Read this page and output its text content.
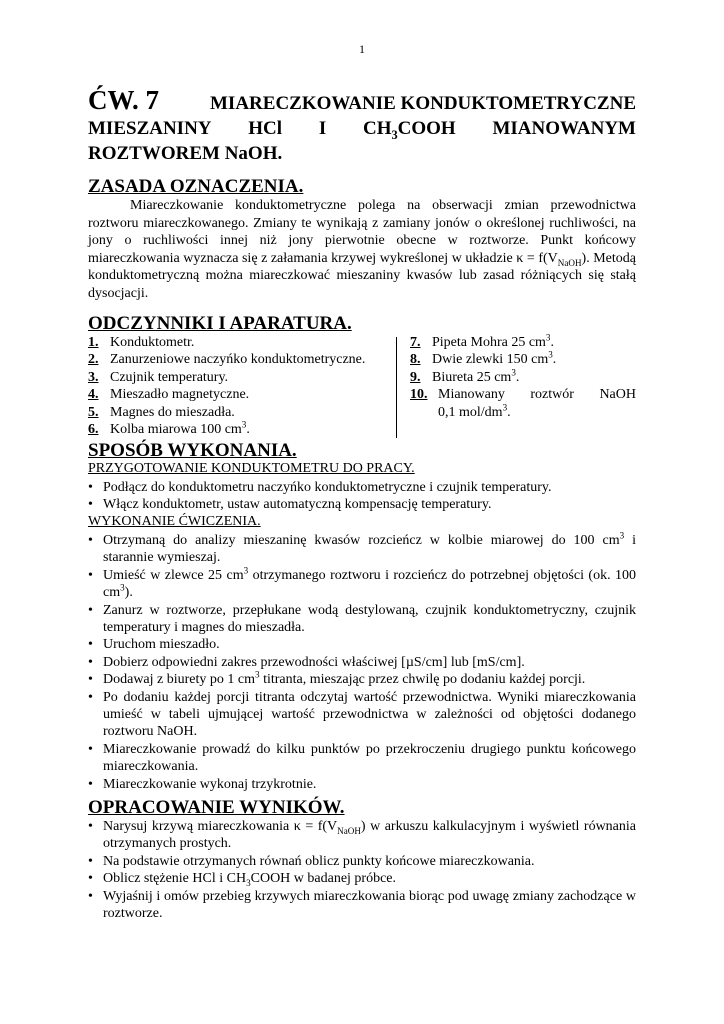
1
ĆW. 7	MIARECZKOWANIE KONDUKTOMETRYCZNE
MIESZANINY HCl I $CH_3COOH$ MIANOWANYM
ROZTWOREM NaOH.
ZASADA OZNACZENIA.

Miareczkowanie konduktometryczne polega na obserwacji zmian przewodnictwa roztworu miareczkowanego. Zmiany te wynikają z zamiany jonów o określonej ruchliwości, na jony o ruchliwości innej niż jony pierwotnie obecne w roztworze. Punkt końcowy miareczkowania wyznacza się z załamania krzywej wykreślonej w układzie $\kappa = f(V_{NaOH})$. Metodą konduktometryczną można miareczkować mieszaniny kwasów lub zasad różniących się stałą dysocjacji.

ODCZYNNIKI I APARATURA.
1. Konduktometr.
2. Zanurzeniowe naczyńko konduktometryczne.
3. Czujnik temperatury.
4. Mieszadło magnetyczne.
5. Magnes do mieszadła.
6. Kolba miarowa 100 $cm^3$.
7. Pipeta Mohra 25 $cm^3$.
8. Dwie zlewki 150 $cm^3$.
9. Biureta 25 $cm^3$.
10. Mianowany roztwór NaOH
0,1 mol/$dm^3$.
SPOSÓB WYKONANIA.
PRZYGOTOWANIE KONDUKTOMETRU DO PRACY.
• Podłącz do konduktometru naczyńko konduktometryczne i czujnik temperatury.
• Włącz konduktometr, ustaw automatyczną kompensację temperatury.
WYKONANIE ĆWICZENIA.
• Otrzymaną do analizy mieszaninę kwasów rozcieńcz w kolbie miarowej do 100 $cm^3$ i starannie wymieszaj.
• Umieść w zlewce 25 $cm^3$ otrzymanego roztworu i rozcieńcz do potrzebnej objętości (ok. 100 $cm^3$).
• Zanurz w roztworze, przepłukane wodą destylowaną, czujnik konduktometryczny, czujnik temperatury i magnes do mieszadła.
• Uruchom mieszadło.
• Dobierz odpowiedni zakres przewodności właściwej [µS/cm] lub [mS/cm].
• Dodawaj z biurety po 1 $cm^3$ titranta, mieszając przez chwilę po dodaniu każdej porcji.
• Po dodaniu każdej porcji titranta odczytaj wartość przewodnictwa. Wyniki miareczkowania umieść w tabeli ujmującej wartość przewodnictwa w zależności od objętości dodanego roztworu NaOH.
• Miareczkowanie prowadź do kilku punktów po przekroczeniu drugiego punktu końcowego miareczkowania.
• Miareczkowanie wykonaj trzykrotnie.
OPRACOWANIE WYNIKÓW.
• Narysuj krzywą miareczkowania $\kappa = f(V_{NaOH})$ w arkuszu kalkulacyjnym i wyświetl równania otrzymanych prostych.
• Na podstawie otrzymanych równań oblicz punkty końcowe miareczkowania.
• Oblicz stężenie HCl i $CH_3COOH$ w badanej próbce.
• Wyjaśnij i omów przebieg krzywych miareczkowania biorąc pod uwagę zmiany zachodzące w roztworze.
